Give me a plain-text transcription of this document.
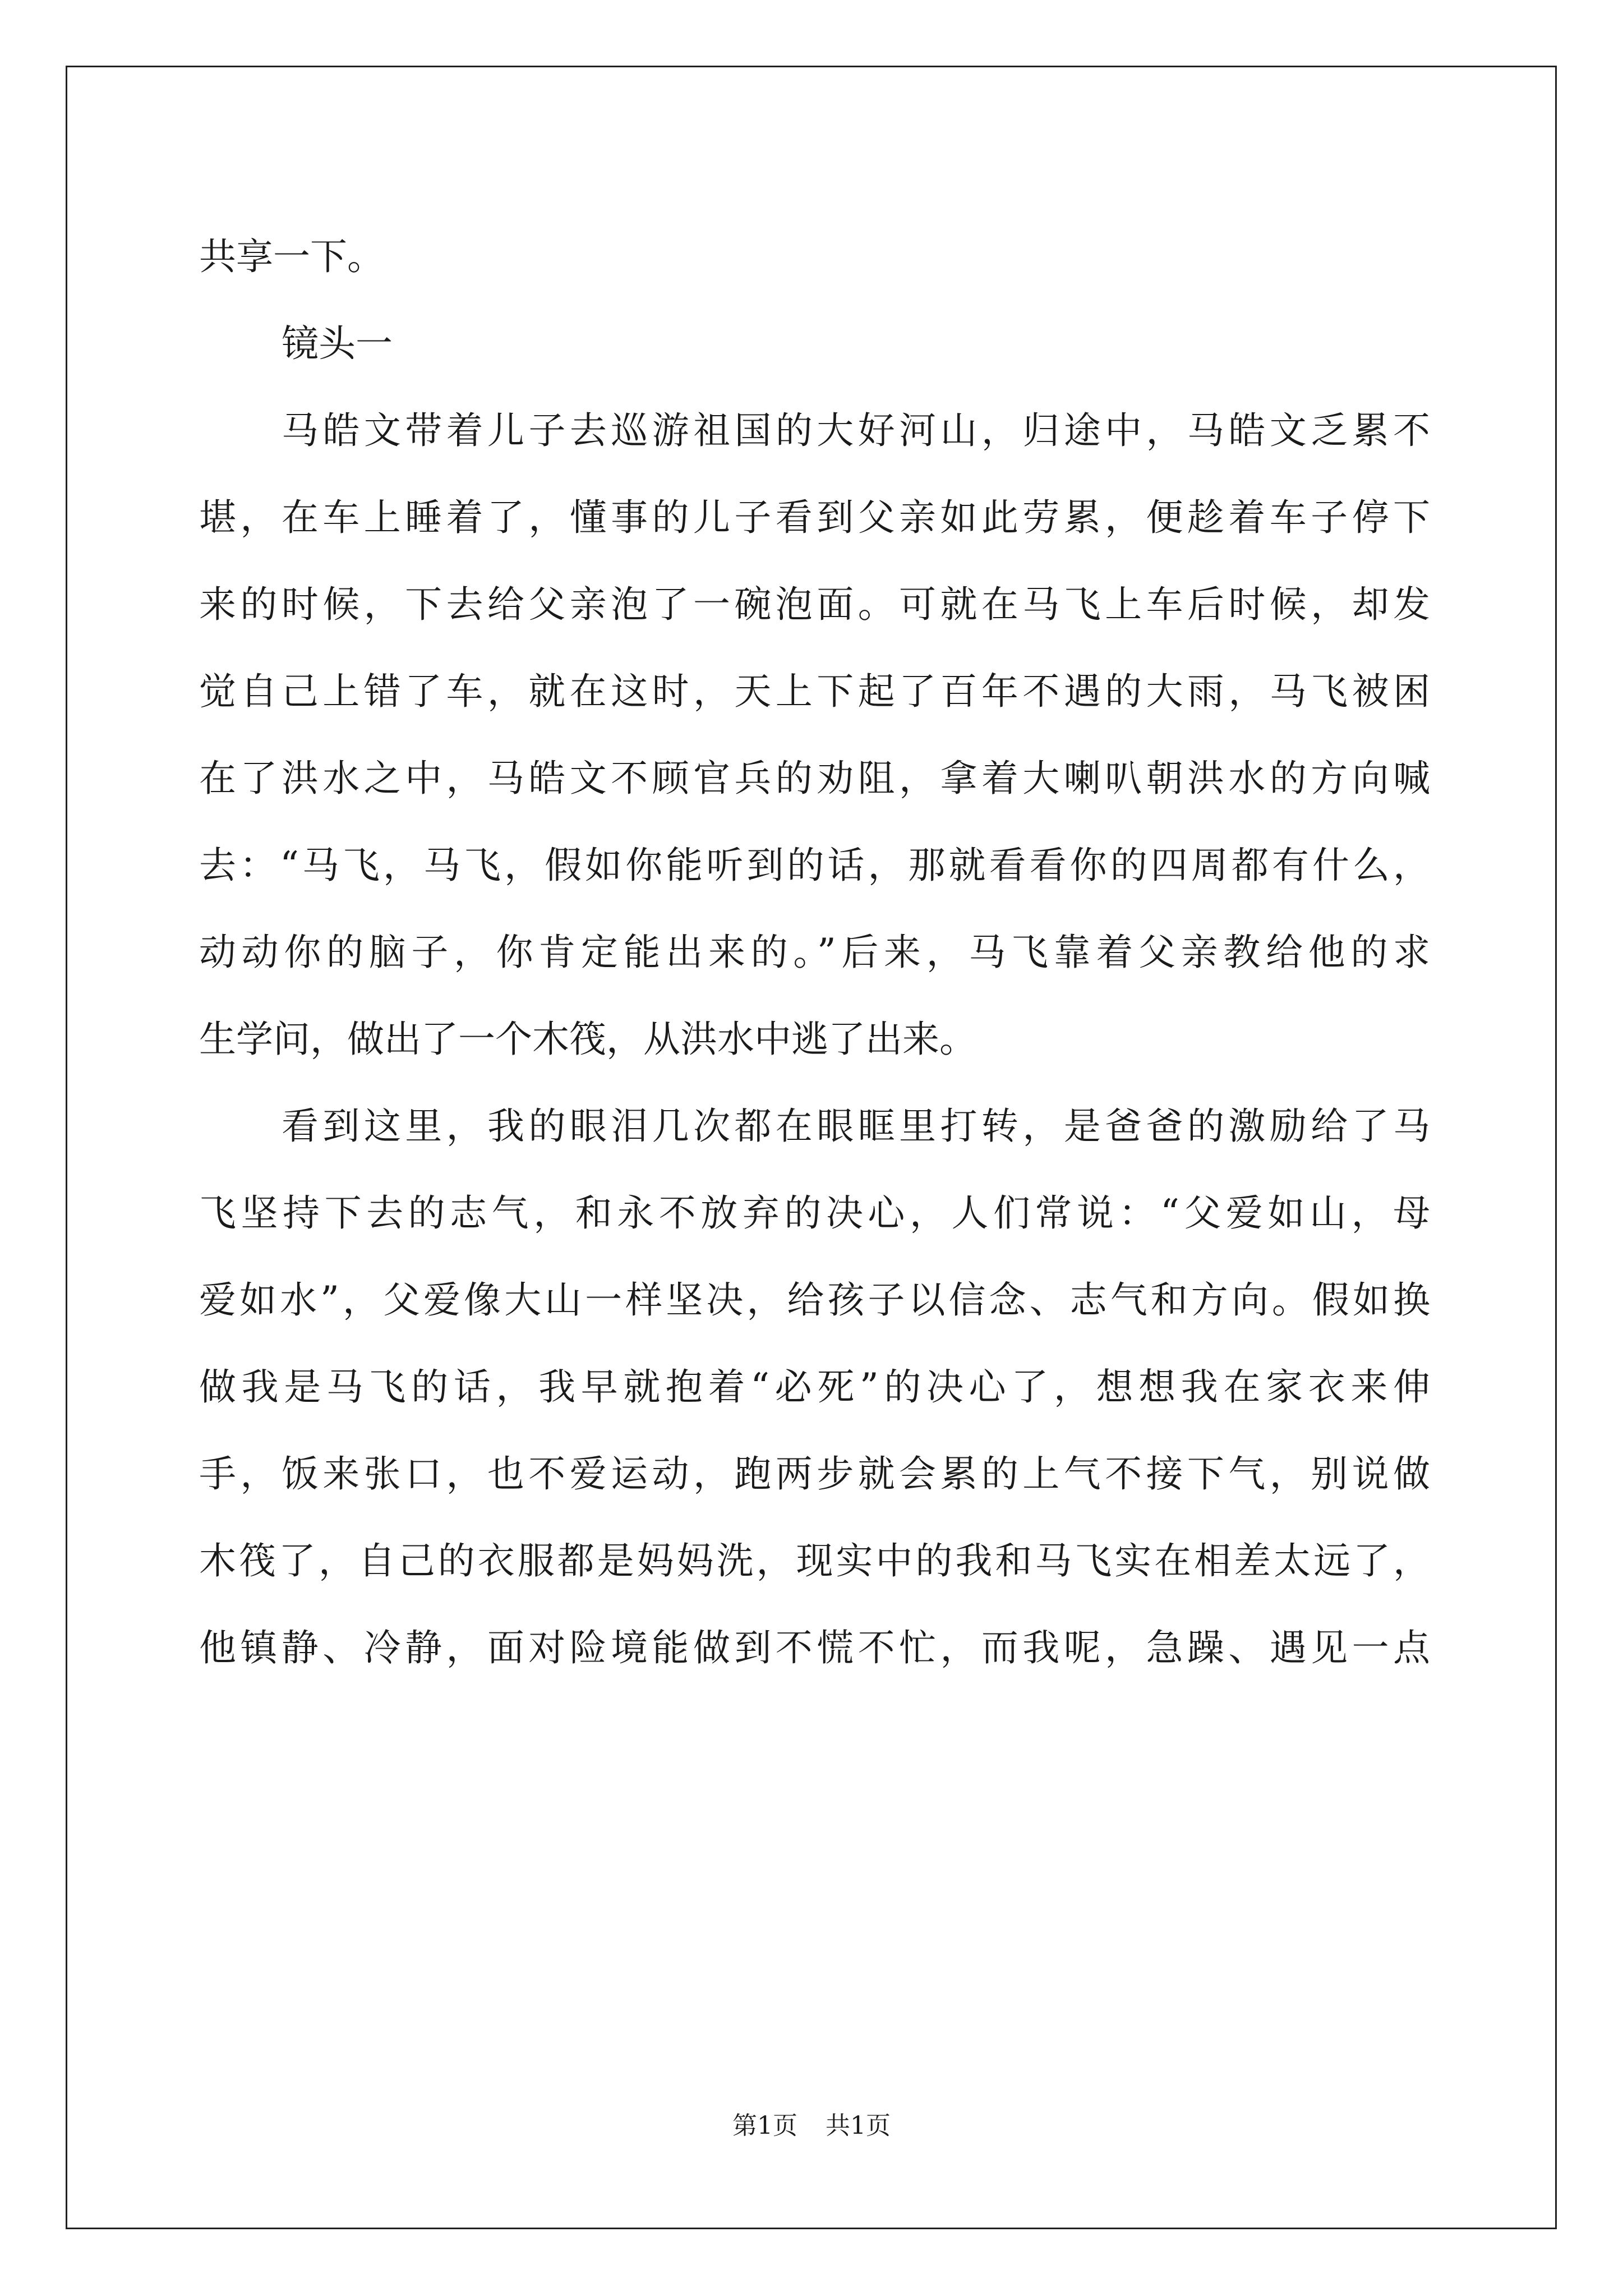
共享一下。
镜头一
马皓文带着儿子去巡游祖国的大好河山，归途中，马皓文乏累不
堪，在车上睡着了，懂事的儿子看到父亲如此劳累，便趁着车子停下
来的时候，下去给父亲泡了一碗泡面。可就在马飞上车后时候，却发
觉自己上错了车，就在这时，天上下起了百年不遇的大雨，马飞被困
在了洪水之中，马皓文不顾官兵的劝阻，拿着大喇叭朝洪水的方向喊
去：“马飞，马飞，假如你能听到的话，那就看看你的四周都有什么，
动动你的脑子，你肯定能出来的。”后来，马飞靠着父亲教给他的求
生学问，做出了一个木筏，从洪水中逃了出来。
看到这里，我的眼泪几次都在眼眶里打转，是爸爸的激励给了马
飞坚持下去的志气，和永不放弃的决心，人们常说：“父爱如山，母
爱如水”，父爱像大山一样坚决，给孩子以信念、志气和方向。假如换
做我是马飞的话，我早就抱着“必死”的决心了，想想我在家衣来伸
手，饭来张口，也不爱运动，跑两步就会累的上气不接下气，别说做
木筏了，自己的衣服都是妈妈洗，现实中的我和马飞实在相差太远了，
他镇静、冷静，面对险境能做到不慌不忙，而我呢，急躁、遇见一点
第1页 共1页
